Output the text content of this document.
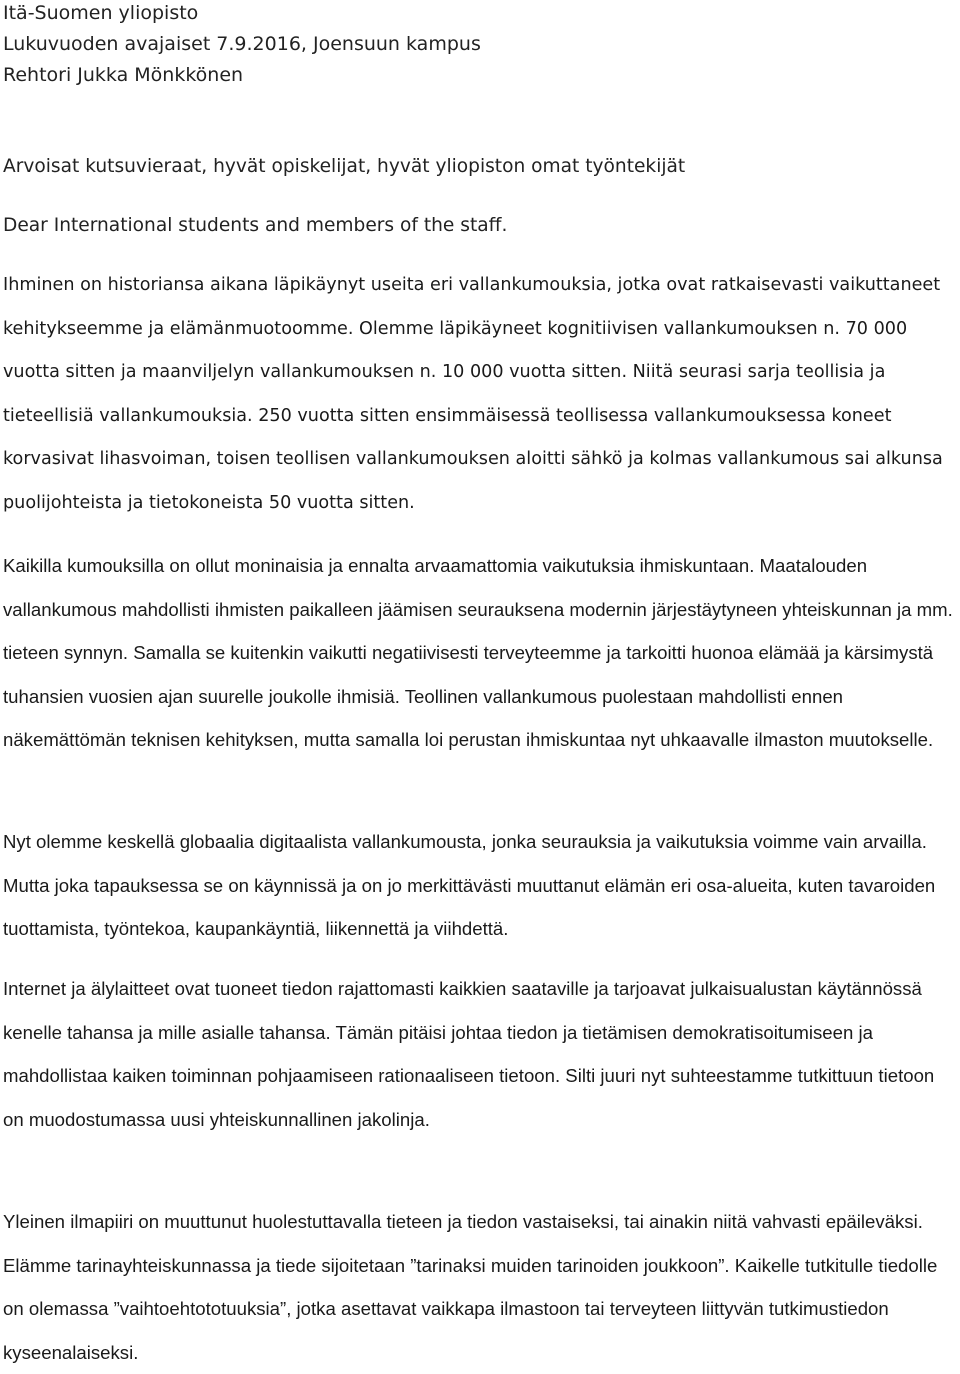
Itä-Suomen yliopisto
Lukuvuoden avajaiset 7.9.2016, Joensuun kampus
Rehtori Jukka Mönkkönen
Arvoisat kutsuvieraat, hyvät opiskelijat, hyvät yliopiston omat työntekijät
Dear International students and members of the staff.

Ihminen on historiansa aikana läpikäynyt useita eri vallankumouksia, jotka ovat ratkaisevasti vaikuttaneet kehitykseemme ja elämänmuotoomme. Olemme läpikäyneet kognitiivisen vallankumouksen n. 70 000 vuotta sitten ja maanviljelyn vallankumouksen n. 10 000 vuotta sitten. Niitä seurasi sarja teollisia ja tieteellisiä vallankumouksia. 250 vuotta sitten ensimmäisessä teollisessa vallankumouksessa koneet korvasivat lihasvoiman, toisen teollisen vallankumouksen aloitti sähkö ja kolmas vallankumous sai alkunsa puolijohteista ja tietokoneista 50 vuotta sitten.

Kaikilla kumouksilla on ollut moninaisia ja ennalta arvaamattomia vaikutuksia ihmiskuntaan. Maatalouden vallankumous mahdollisti ihmisten paikalleen jäämisen seurauksena modernin järjestäytyneen yhteiskunnan ja mm. tieteen synnyn. Samalla se kuitenkin vaikutti negatiivisesti terveyteemme ja tarkoitti huonoa elämää ja kärsimystä tuhansien vuosien ajan suurelle joukolle ihmisiä. Teollinen vallankumous puolestaan mahdollisti ennen näkemättömän teknisen kehityksen, mutta samalla loi perustan ihmiskuntaa nyt uhkaavalle ilmaston muutokselle.

Nyt olemme keskellä globaalia digitaalista vallankumousta, jonka seurauksia ja vaikutuksia voimme vain arvailla. Mutta joka tapauksessa se on käynnissä ja on jo merkittävästi muuttanut elämän eri osa-alueita, kuten tavaroiden tuottamista, työntekoa, kaupankäyntiä, liikennettä ja viihdettä.

Internet ja älylaitteet ovat tuoneet tiedon rajattomasti kaikkien saataville ja tarjoavat julkaisualustan käytännössä kenelle tahansa ja mille asialle tahansa. Tämän pitäisi johtaa tiedon ja tietämisen demokratisoitumiseen ja mahdollistaa kaiken toiminnan pohjaamiseen rationaaliseen tietoon. Silti juuri nyt suhteestamme tutkittuun tietoon on muodostumassa uusi yhteiskunnallinen jakolinja.

Yleinen ilmapiiri on muuttunut huolestuttavalla tieteen ja tiedon vastaiseksi, tai ainakin niitä vahvasti epäileväksi. Elämme tarinayhteiskunnassa ja tiede sijoitetaan ”tarinaksi muiden tarinoiden joukkoon”. Kaikelle tutkitulle tiedolle on olemassa ”vaihtoehtototuuksia”, jotka asettavat vaikkapa ilmastoon tai terveyteen liittyvän tutkimustiedon kyseenalaiseksi.
